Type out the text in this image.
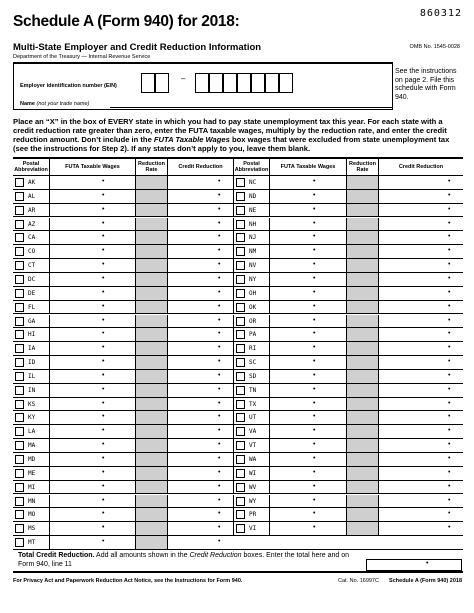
860312
Schedule A (Form 940) for 2018:
Multi-State Employer and Credit Reduction Information
Department of the Treasury — Internal Revenue Service
OMB No. 1545-0028
Employer identification number (EIN)
–
Name (not your trade name)
See the instructions on page 2. File this schedule with Form 940.
Place an “X” in the box of EVERY state in which you had to pay state unemployment tax this year. For each state with a credit reduction rate greater than zero, enter the FUTA taxable wages, multiply by the reduction rate, and enter the credit reduction amount. Don’t include in the FUTA Taxable Wages box wages that were excluded from state unemployment tax (see the instructions for Step 2). If any states don’t apply to you, leave them blank.
Postal Abbreviation
FUTA Taxable Wages
Reduction Rate
Credit Reduction
Postal Abbreviation
FUTA Taxable Wages
Reduction Rate
Credit Reduction
AK	•	•	NC	•	•
AL	•	•	ND	•	•
AR	•	•	NE	•	•
AZ	•	•	NH	•	•
CA	•	•	NJ	•	•
CO	•	•	NM	•	•
CT	•	•	NV	•	•
DC	•	•	NY	•	•
DE	•	•	OH	•	•
FL	•	•	OK	•	•
GA	•	•	OR	•	•
HI	•	•	PA	•	•
IA	•	•	RI	•	•
ID	•	•	SC	•	•
IL	•	•	SD	•	•
IN	•	•	TN	•	•
KS	•	•	TX	•	•
KY	•	•	UT	•	•
LA	•	•	VA	•	•
MA	•	•	VT	•	•
MD	•	•	WA	•	•
ME	•	•	WI	•	•
MI	•	•	WV	•	•
MN	•	•	WY	•	•
MO	•	•	PR	•	•
MS	•	•	VI	•	•
MT	•	•
Total Credit Reduction. Add all amounts shown in the Credit Reduction boxes. Enter the total here and on Form 940, line 11	•
For Privacy Act and Paperwork Reduction Act Notice, see the Instructions for Form 940.	Cat. No. 16997C Schedule A (Form 940) 2018
